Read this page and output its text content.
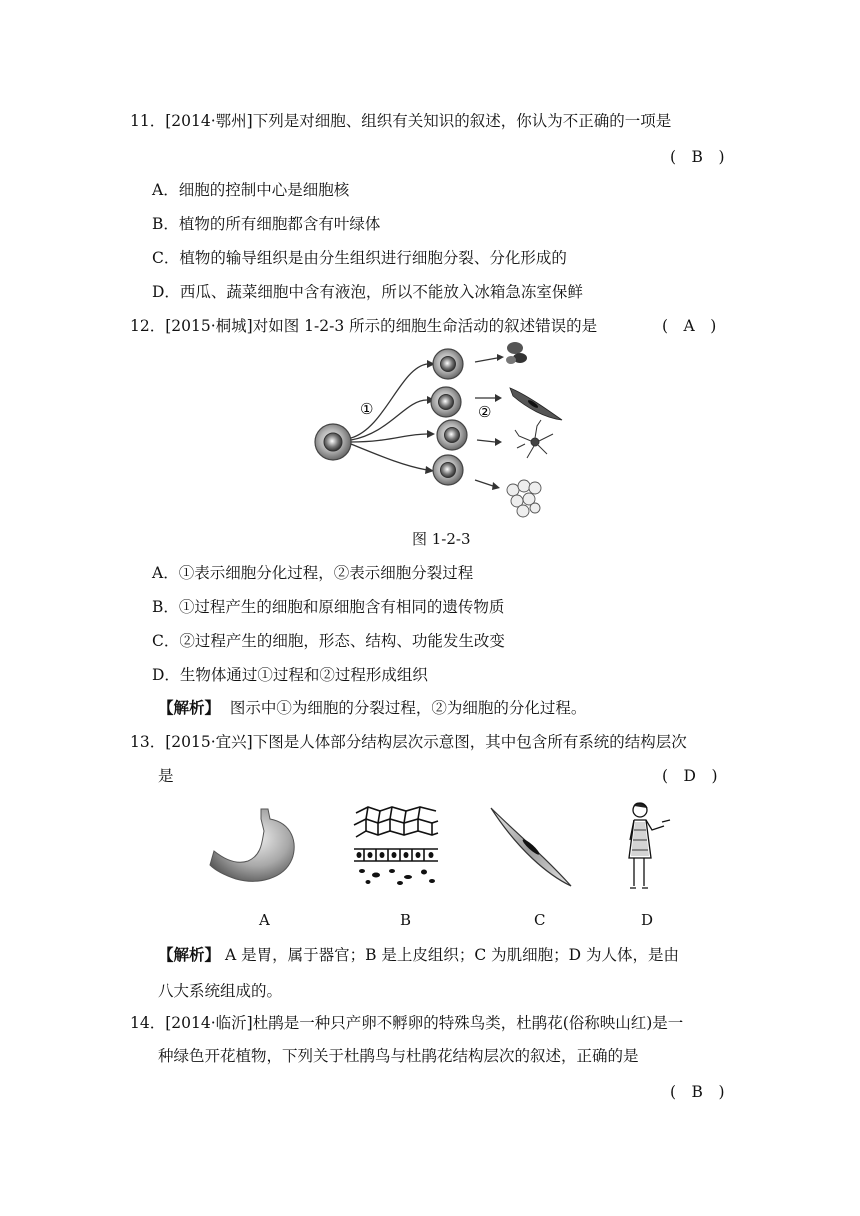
11．[2014·鄂州]下列是对细胞、组织有关知识的叙述，你认为不正确的一项是
(　B　)
A．细胞的控制中心是细胞核
B．植物的所有细胞都含有叶绿体
C．植物的输导组织是由分生组织进行细胞分裂、分化形成的
D．西瓜、蔬菜细胞中含有液泡，所以不能放入冰箱急冻室保鲜
12．[2015·桐城]对如图 1-2-3 所示的细胞生命活动的叙述错误的是	(　A　)
①	②
图 1-2-3
A．①表示细胞分化过程，②表示细胞分裂过程
B．①过程产生的细胞和原细胞含有相同的遗传物质
C．②过程产生的细胞，形态、结构、功能发生改变
D．生物体通过①过程和②过程形成组织
【解析】 图示中①为细胞的分裂过程，②为细胞的分化过程。
13．[2015·宜兴]下图是人体部分结构层次示意图，其中包含所有系统的结构层次
是	(　D　)
A	B	C	D
【解析】 A 是胃，属于器官；B 是上皮组织；C 为肌细胞；D 为人体，是由
八大系统组成的。
14．[2014·临沂]杜鹃是一种只产卵不孵卵的特殊鸟类，杜鹃花(俗称映山红)是一
种绿色开花植物，下列关于杜鹃鸟与杜鹃花结构层次的叙述，正确的是
(　B　)
